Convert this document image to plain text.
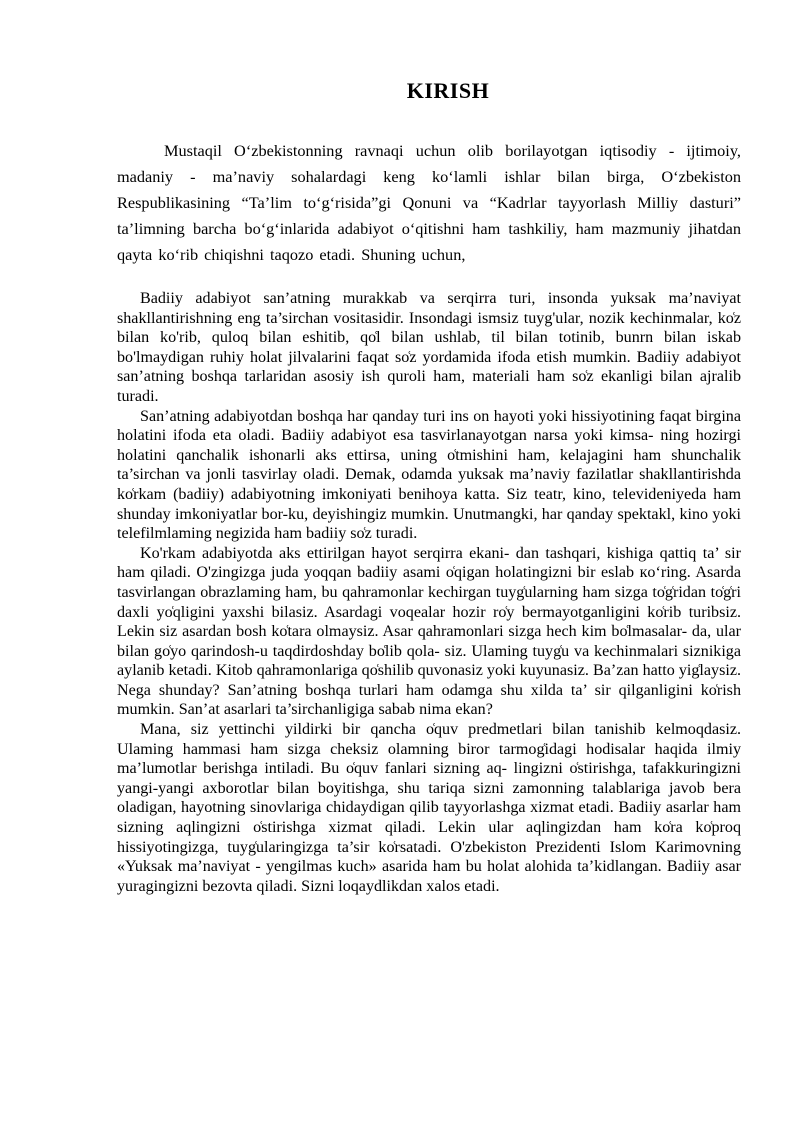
KIRISH

Mustaqil O‘zbekistonning ravnaqi uchun olib borilayotgan iqtisodiy - ijtimoiy, madaniy - ma’naviy sohalardagi keng ko‘lamli ishlar bilan birga, O‘zbekiston Respublikasining “Ta’lim to‘g‘risida”gi Qonuni va “Kadrlar tayyorlash Milliy dasturi” ta’limning barcha bo‘g‘inlarida adabiyot o‘qitishni ham tashkiliy, ham mazmuniy jihatdan qayta ko‘rib chiqishni taqozo etadi. Shuning uchun,

Badiiy adabiyot san’atning murakkab va serqirra turi, insonda yuksak ma’naviyat shakllantirishning eng ta’sirchan vositasidir. Insondagi ismsiz tuyg'ular, nozik kechinmalar, ko͑z bilan ko'rib, quloq bilan eshitib, qo͑l bilan ushlab, til bilan totinib, bunrn bilan iskab bo'lmaydigan ruhiy holat jilvalarini faqat so͑z yordamida ifoda etish mumkin. Badiiy adabiyot san’atning boshqa tarlaridan asosiy ish quroli ham, materiali ham so͑z ekanligi bilan ajralib turadi.

San’atning adabiyotdan boshqa har qanday turi ins on hayoti yoki hissiyotining faqat birgina holatini ifoda eta oladi. Badiiy adabiyot esa tasvirlanayotgan narsa yoki kimsa- ning hozirgi holatini qanchalik ishonarli aks ettirsa, uning o͑tmishini ham, kelajagini ham shunchalik ta’sirchan va jonli tasvirlay oladi. Demak, odamda yuksak ma’naviy fazilatlar shakllantirishda ko͑rkam (badiiy) adabiyotning imkoniyati benihoya katta. Siz teatr, kino, televideniyeda ham shunday imkoniyatlar bor-ku, deyishingiz mumkin. Unutmangki, har qanday spektakl, kino yoki telefilmlaming negizida ham badiiy so͑z turadi.

Ko'rkam adabiyotda aks ettirilgan hayot serqirra ekani- dan tashqari, kishiga qattiq ta’ sir ham qiladi. O'zingizga juda yoqqan badiiy asami o͑qigan holatingizni bir eslab кo‘ring. Asarda tasvirlangan obrazlaming ham, bu qahramonlar kechirgan tuyg͑ularning ham sizga to͑g͑ridan to͑g͑ri daxli yo͑qligini yaxshi bilasiz. Asardagi voqealar hozir ro͑y bermayotganligini ko͑rib turibsiz. Lekin siz asardan bosh ko͑tara olmaysiz. Asar qahramonlari sizga hech kim bo͑lmasalar- da, ular bilan go͑yo qarindosh-u taqdirdoshday bo͑lib qola- siz. Ulaming tuyg͑u va kechinmalari siznikiga aylanib ketadi. Kitob qahramonlariga qo͑shilib quvonasiz yoki kuyunasiz. Ba’zan hatto yig͑laysiz. Nega shunday? San’atning boshqa turlari ham odamga shu xilda ta’ sir qilganligini ko͑rish mumkin. San’at asarlari ta’sirchanligiga sabab nima ekan?

Mana, siz yettinchi yildirki bir qancha o͑quv predmetlari bilan tanishib kelmoqdasiz. Ulaming hammasi ham sizga cheksiz olamning biror tarmog͑idagi hodisalar haqida ilmiy ma’lumotlar berishga intiladi. Bu o͑quv fanlari sizning aq- lingizni o͑stirishga, tafakkuringizni yangi-yangi axborotlar bilan boyitishga, shu tariqa sizni zamonning talablariga javob bera oladigan, hayotning sinovlariga chidaydigan qilib tayyorlashga xizmat etadi. Badiiy asarlar ham sizning aqlingizni o͑stirishga xizmat qiladi. Lekin ular aqlingizdan ham ko͑ra ko͑proq hissiyotingizga, tuyg͑ularingizga ta’sir ko͑rsatadi. O'zbekiston Prezidenti Islom Karimovning «Yuksak ma’naviyat - yengilmas kuch» asarida ham bu holat alohida ta’kidlangan. Badiiy asar yuragingizni bezovta qiladi. Sizni loqaydlikdan xalos etadi.
